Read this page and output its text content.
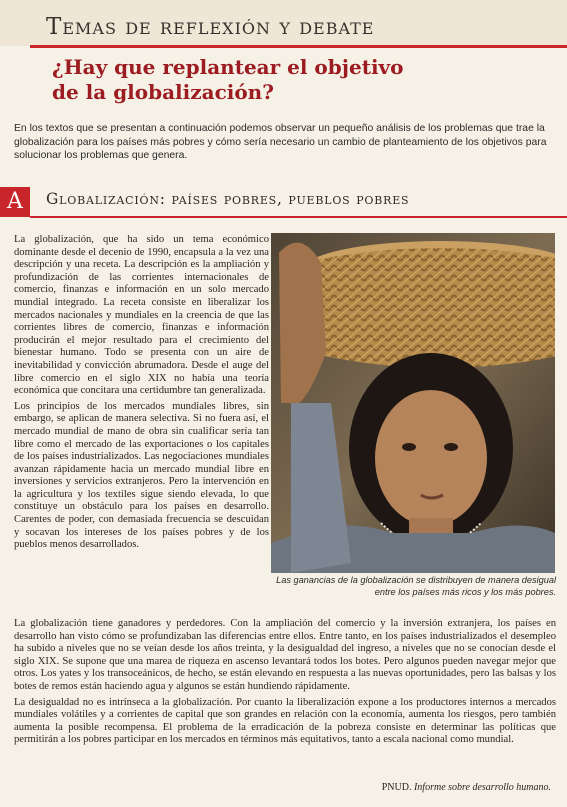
Temas de reflexión y debate
¿Hay que replantear el objetivo
de la globalización?
En los textos que se presentan a continuación podemos observar un pequeño análisis de los problemas que trae la globalización para los países más pobres y cómo sería necesario un cambio de planteamiento de los objetivos para solucionar los problemas que genera.
A	Globalización: países pobres, pueblos pobres

La globalización, que ha sido un tema económico dominante desde el decenio de 1990, encapsula a la vez una descripción y una receta. La descripción es la ampliación y profundización de las corrientes internacionales de comercio, finanzas e información en un solo mercado mundial integrado. La receta consiste en liberalizar los mercados nacionales y mundiales en la creencia de que las corrientes libres de comercio, finanzas e información producirán el mejor resultado para el crecimiento del bienestar humano. Todo se presenta con un aire de inevitabilidad y convicción abrumadora. Desde el auge del libre comercio en el siglo XIX no había una teoría económica que concitara una certidumbre tan generalizada.

Los principios de los mercados mundiales libres, sin embargo, se aplican de manera selectiva. Si no fuera así, el mercado mundial de mano de obra sin cualificar sería tan libre como el mercado de las exportaciones o los capitales de los países industrializados. Las negociaciones mundiales avanzan rápidamente hacia un mercado mundial libre en inversiones y servicios extranjeros. Pero la intervención en la agricultura y los textiles sigue siendo elevada, lo que constituye un obstáculo para los países en desarrollo. Carentes de poder, con demasiada frecuencia se descuidan y socavan los intereses de los países pobres y de los pueblos menos desarrollados.

Las ganancias de la globalización se distribuyen de manera desigual entre los países más ricos y los más pobres.

La globalización tiene ganadores y perdedores. Con la ampliación del comercio y la inversión extranjera, los países en desarrollo han visto cómo se profundizaban las diferencias entre ellos. Entre tanto, en los países industrializados el desempleo ha subido a niveles que no se veían desde los años treinta, y la desigualdad del ingreso, a niveles que no se conocían desde el siglo XIX. Se supone que una marea de riqueza en ascenso levantará todos los botes. Pero algunos pueden navegar mejor que otros. Los yates y los transoceánicos, de hecho, se están elevando en respuesta a las nuevas oportunidades, pero las balsas y los botes de remos están haciendo agua y algunos se están hundiendo rápidamente.

La desigualdad no es intrínseca a la globalización. Por cuanto la liberalización expone a los productores internos a mercados mundiales volátiles y a corrientes de capital que son grandes en relación con la economía, aumenta los riesgos, pero también aumenta la posible recompensa. El problema de la erradicación de la pobreza consiste en determinar las políticas que permitirán a los pobres participar en los mercados en términos más equitativos, tanto a escala nacional como mundial.

PNUD. Informe sobre desarrollo humano.
